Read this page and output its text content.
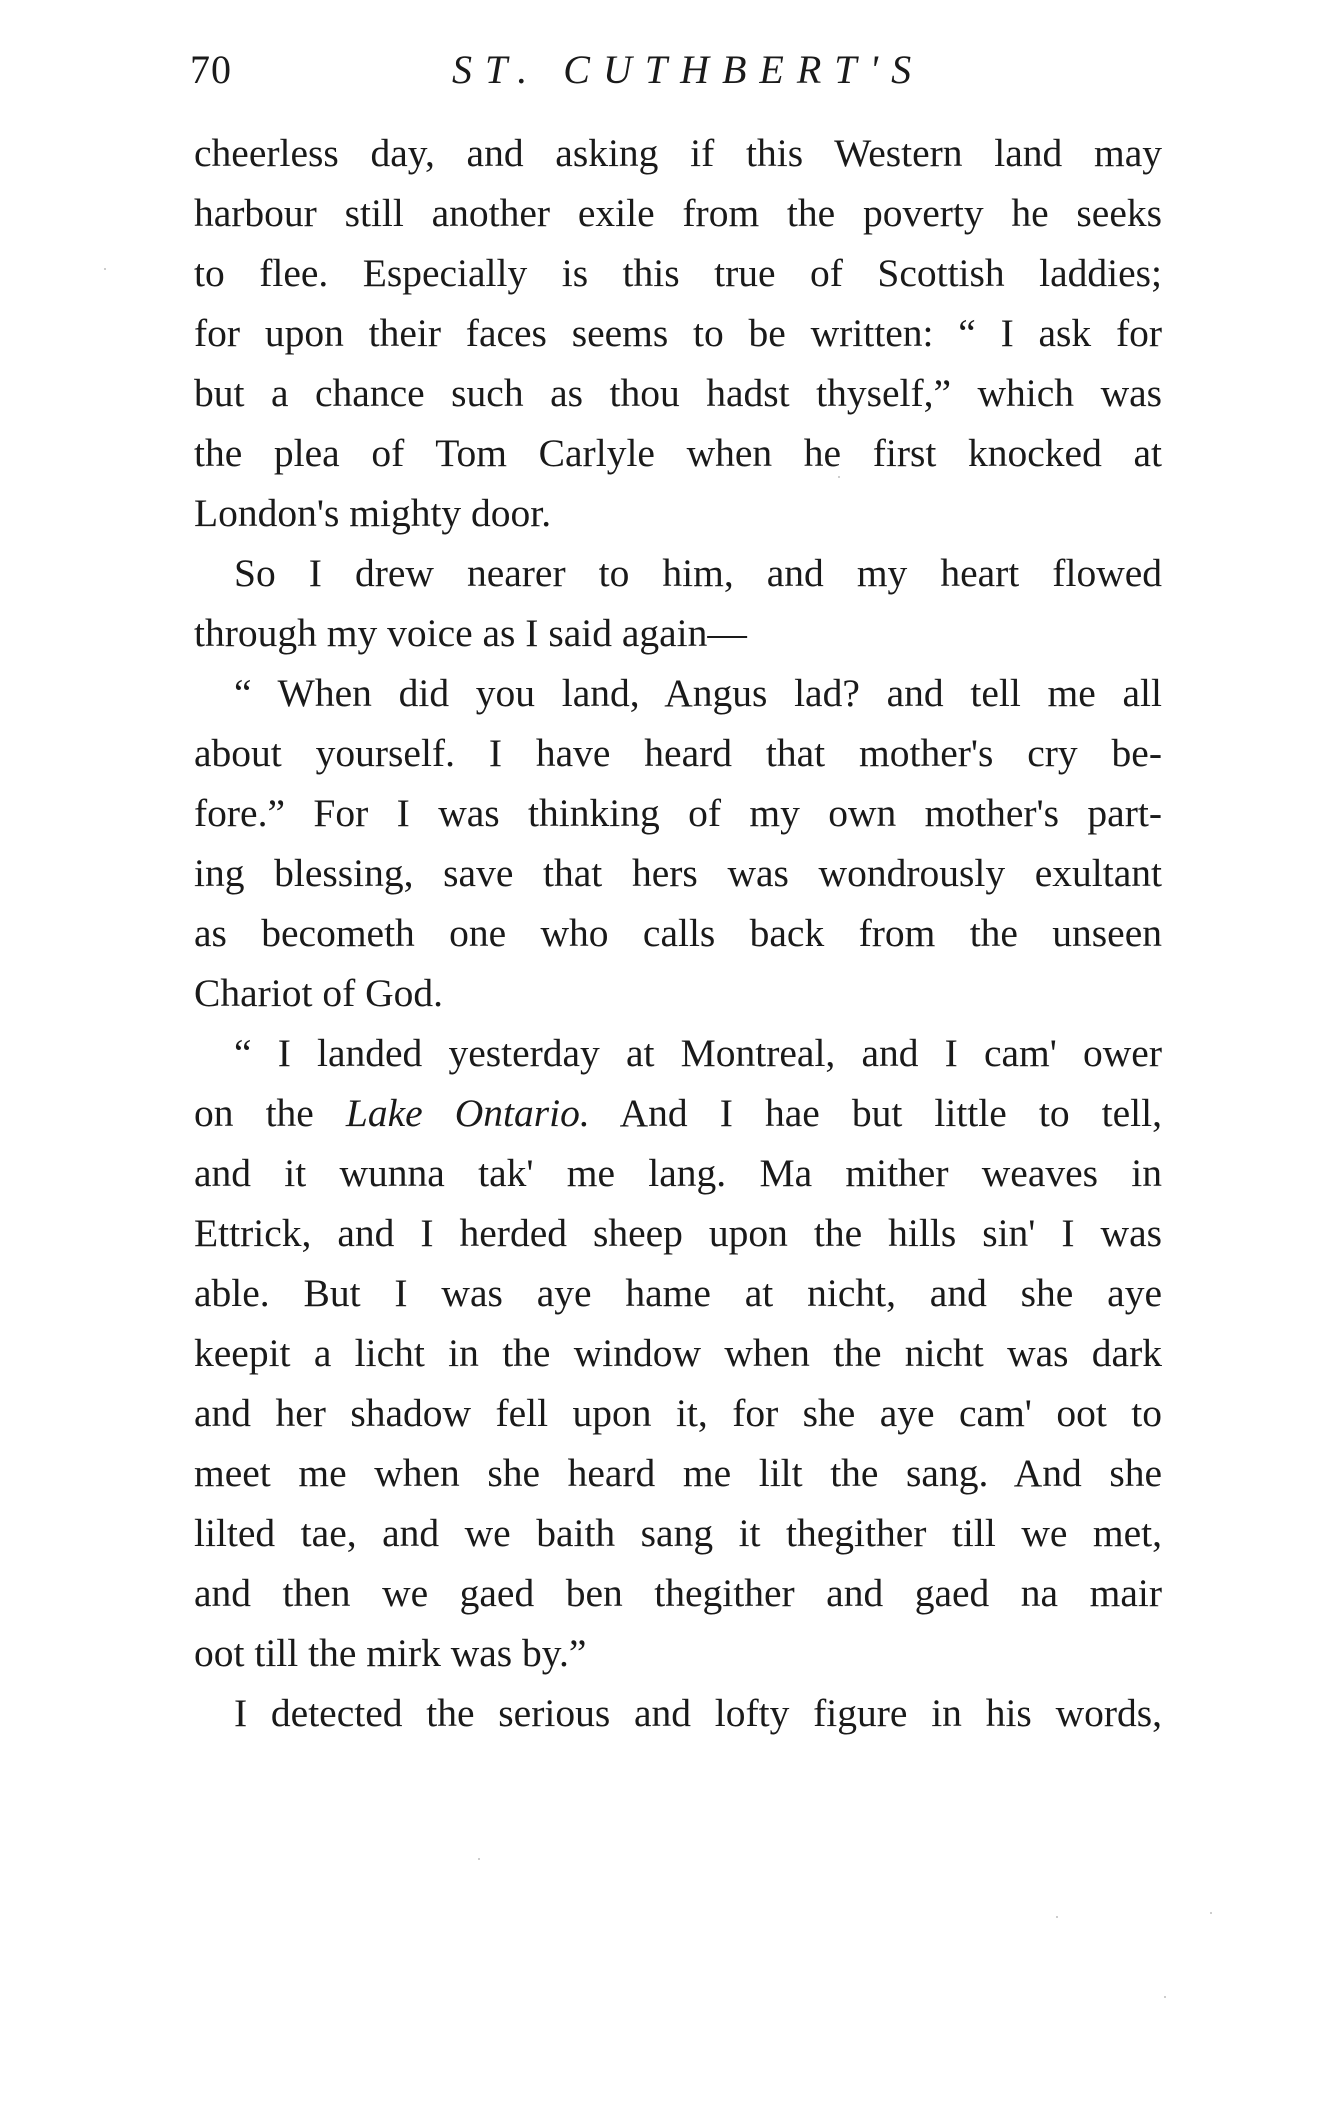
70	ST. CUTHBERT'S
cheerless day, and asking if this Western land may
harbour still another exile from the poverty he seeks
to flee. Especially is this true of Scottish laddies;
for upon their faces seems to be written: “ I ask for
but a chance such as thou hadst thyself,” which was
the plea of Tom Carlyle when he first knocked at
London's mighty door.
So I drew nearer to him, and my heart flowed
through my voice as I said again—
“ When did you land, Angus lad? and tell me all
about yourself. I have heard that mother's cry be-
fore.” For I was thinking of my own mother's part-
ing blessing, save that hers was wondrously exultant
as becometh one who calls back from the unseen
Chariot of God.
“ I landed yesterday at Montreal, and I cam' ower
on the Lake Ontario. And I hae but little to tell,
and it wunna tak' me lang. Ma mither weaves in
Ettrick, and I herded sheep upon the hills sin' I was
able. But I was aye hame at nicht, and she aye
keepit a licht in the window when the nicht was dark
and her shadow fell upon it, for she aye cam' oot to
meet me when she heard me lilt the sang. And she
lilted tae, and we baith sang it thegither till we met,
and then we gaed ben thegither and gaed na mair
oot till the mirk was by.”
I detected the serious and lofty figure in his words,
